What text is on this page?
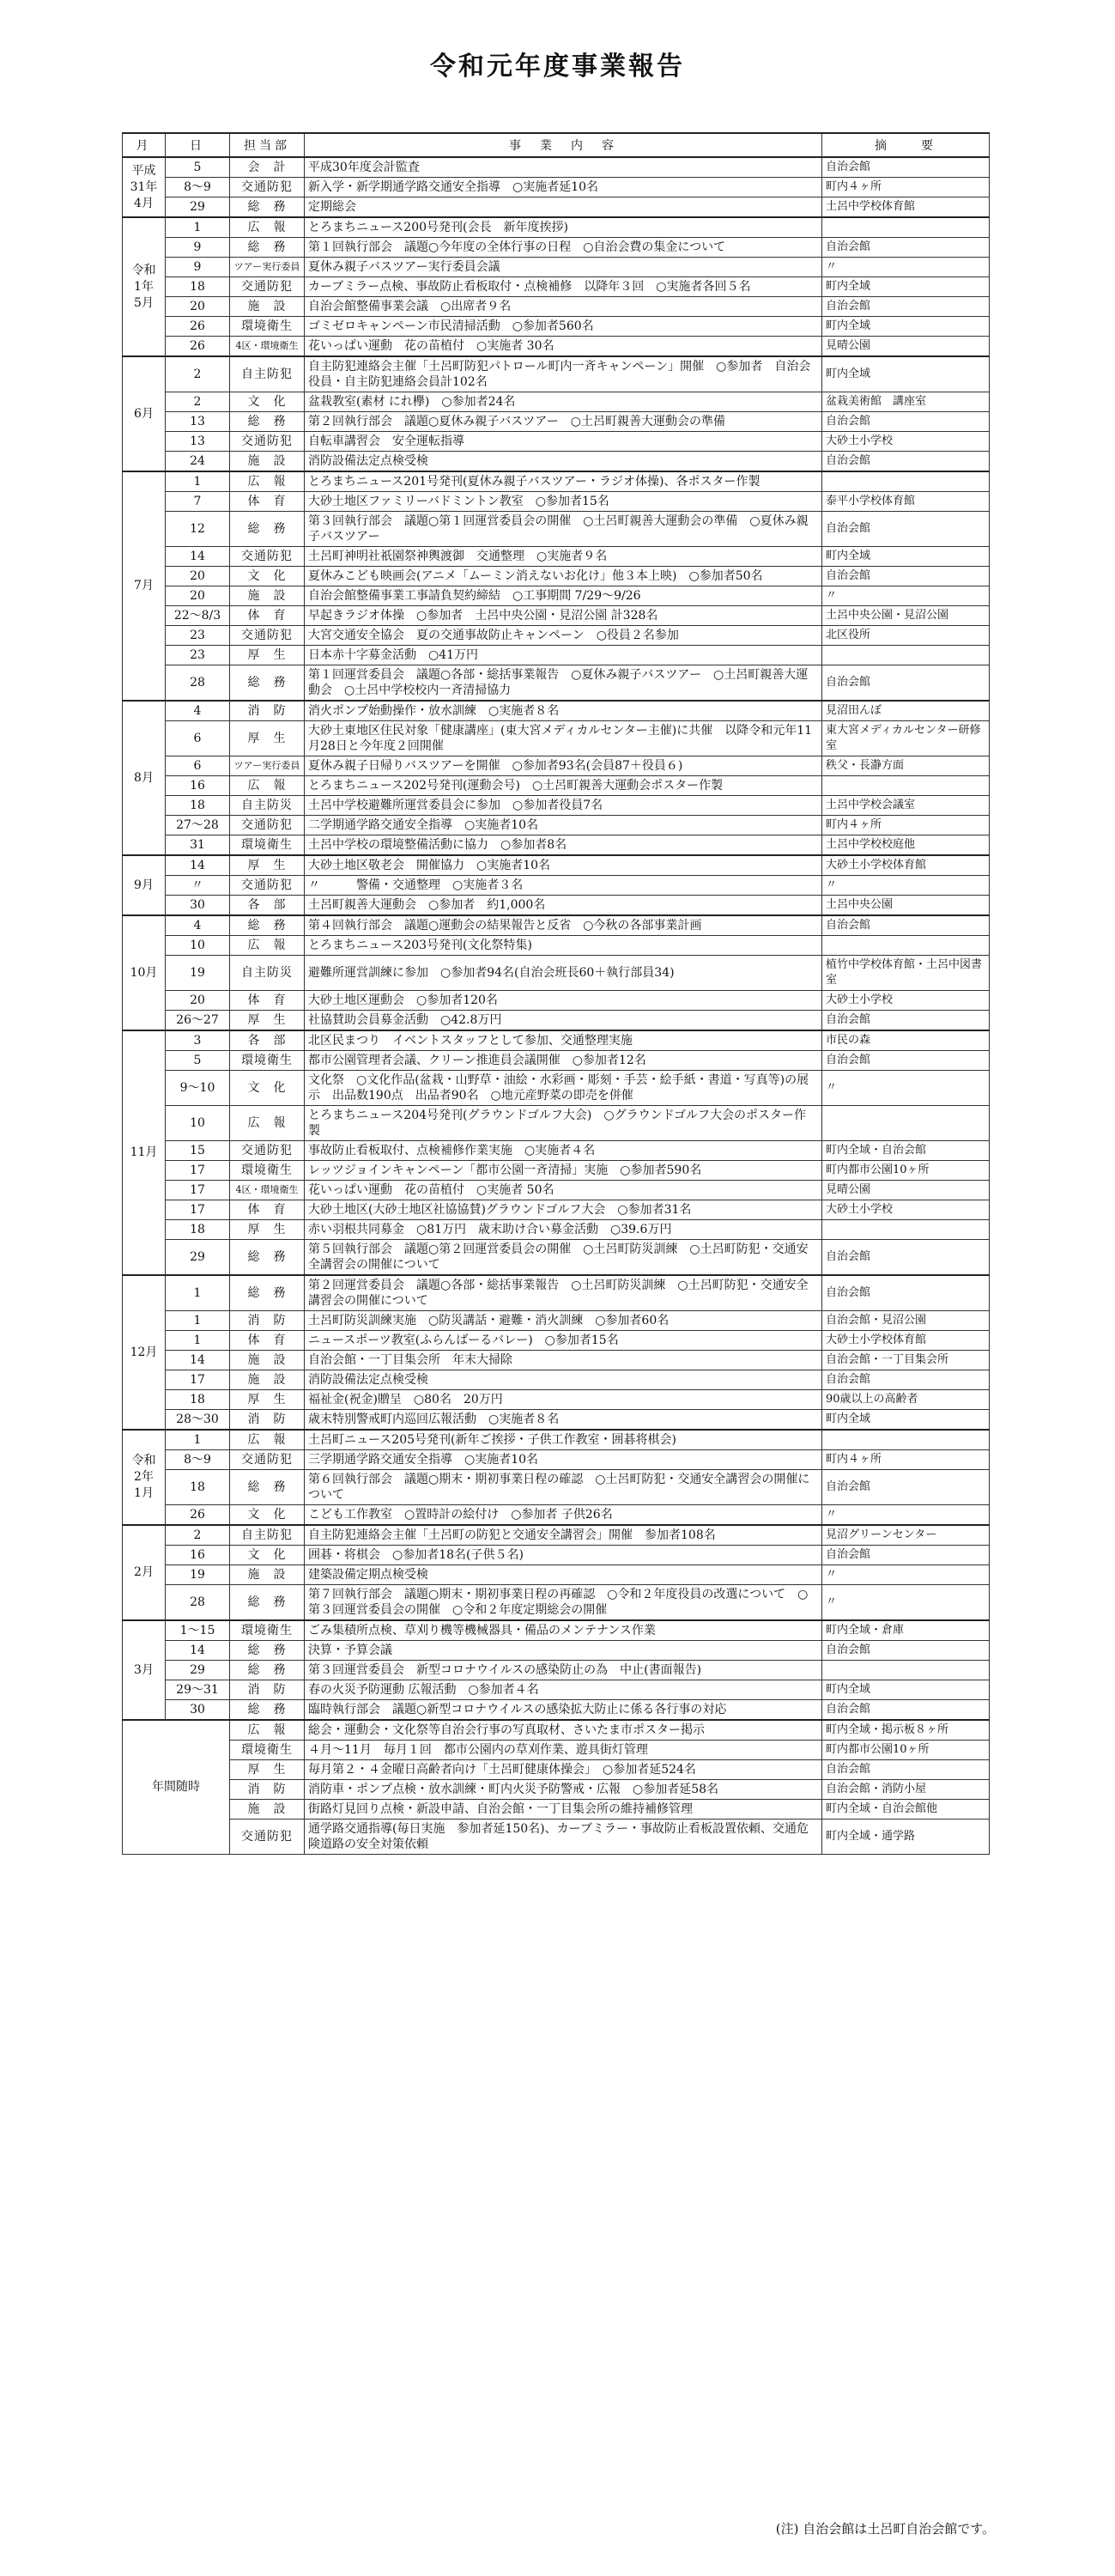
令和元年度事業報告
月	日	担当部	事　業　内　容	摘　　要
平成
31年
4月	5	会　計	平成30年度会計監査	自治会館
	8〜9	交通防犯	新入学・新学期通学路交通安全指導　○実施者延10名	町内４ヶ所
	29	総　務	定期総会	土呂中学校体育館
令和
1年
5月	1	広　報	とろまちニュース200号発刊(会長　新年度挨拶)	
	9	総　務	第１回執行部会　議題○今年度の全体行事の日程　○自治会費の集金について	自治会館
	9	ツアー実行委員	夏休み親子バスツアー実行委員会議	〃
	18	交通防犯	カーブミラー点検、事故防止看板取付・点検補修　以降年３回　○実施者各回５名	町内全域
	20	施　設	自治会館整備事業会議　○出席者９名	自治会館
	26	環境衛生	ゴミゼロキャンペーン市民清掃活動　○参加者560名	町内全域
	26	4区・環境衛生	花いっぱい運動　花の苗植付　○実施者 30名	見晴公園
6月	2	自主防犯	自主防犯連絡会主催「土呂町防犯パトロール町内一斉キャンペーン」開催　○参加者　自治会役員・自主防犯連絡会員計102名	町内全域
	2	文　化	盆栽教室(素材 にれ欅)　○参加者24名	盆栽美術館　講座室
	13	総　務	第２回執行部会　議題○夏休み親子バスツアー　○土呂町親善大運動会の準備	自治会館
	13	交通防犯	自転車講習会　安全運転指導	大砂土小学校
	24	施　設	消防設備法定点検受検	自治会館
7月	1	広　報	とろまちニュース201号発刊(夏休み親子バスツアー・ラジオ体操)、各ポスター作製	
	7	体　育	大砂土地区ファミリーバドミントン教室　○参加者15名	泰平小学校体育館
	12	総　務	第３回執行部会　議題○第１回運営委員会の開催　○土呂町親善大運動会の準備　○夏休み親子バスツアー	自治会館
	14	交通防犯	土呂町神明社祇園祭神輿渡御　交通整理　○実施者９名	町内全域
	20	文　化	夏休みこども映画会(アニメ「ムーミン消えないお化け」他３本上映)　○参加者50名	自治会館
	20	施　設	自治会館整備事業工事請負契約締結　○工事期間 7/29〜9/26	〃
	22〜8/3	体　育	早起きラジオ体操　○参加者　土呂中央公園・見沼公園 計328名	土呂中央公園・見沼公園
	23	交通防犯	大宮交通安全協会　夏の交通事故防止キャンペーン　○役員２名参加	北区役所
	23	厚　生	日本赤十字募金活動　○41万円	
	28	総　務	第１回運営委員会　議題○各部・総括事業報告　○夏休み親子バスツアー　○土呂町親善大運動会　○土呂中学校校内一斉清掃協力	自治会館
8月	4	消　防	消火ポンプ始動操作・放水訓練　○実施者８名	見沼田んぼ
	6	厚　生	大砂土東地区住民対象「健康講座」(東大宮メディカルセンター主催)に共催　以降令和元年11月28日と今年度２回開催	東大宮メディカルセンター研修室
	6	ツアー実行委員	夏休み親子日帰りバスツアーを開催　○参加者93名(会員87＋役員６)	秩父・長瀞方面
	16	広　報	とろまちニュース202号発刊(運動会号)　○土呂町親善大運動会ポスター作製	
	18	自主防災	土呂中学校避難所運営委員会に参加　○参加者役員7名	土呂中学校会議室
	27〜28	交通防犯	二学期通学路交通安全指導　○実施者10名	町内４ヶ所
	31	環境衛生	土呂中学校の環境整備活動に協力　○参加者8名	土呂中学校校庭他
9月	14	厚　生	大砂土地区敬老会　開催協力　○実施者10名	大砂土小学校体育館
	〃	交通防犯	〃　　　警備・交通整理　○実施者３名	〃
	30	各　部	土呂町親善大運動会　○参加者　約1,000名	土呂中央公園
10月	4	総　務	第４回執行部会　議題○運動会の結果報告と反省　○今秋の各部事業計画	自治会館
	10	広　報	とろまちニュース203号発刊(文化祭特集)	
	19	自主防災	避難所運営訓練に参加　○参加者94名(自治会班長60＋執行部員34)	植竹中学校体育館・土呂中図書室
	20	体　育	大砂土地区運動会　○参加者120名	大砂土小学校
	26〜27	厚　生	社協賛助会員募金活動　○42.8万円	自治会館
11月	3	各　部	北区民まつり　イベントスタッフとして参加、交通整理実施	市民の森
	5	環境衛生	都市公園管理者会議、クリーン推進員会議開催　○参加者12名	自治会館
	9〜10	文　化	文化祭　○文化作品(盆栽・山野草・油絵・水彩画・彫刻・手芸・絵手紙・書道・写真等)の展示　出品数190点　出品者90名　○地元産野菜の即売を併催	〃
	10	広　報	とろまちニュース204号発刊(グラウンドゴルフ大会)　○グラウンドゴルフ大会のポスター作製	
	15	交通防犯	事故防止看板取付、点検補修作業実施　○実施者４名	町内全域・自治会館
	17	環境衛生	レッツジョインキャンペーン「都市公園一斉清掃」実施　○参加者590名	町内都市公園10ヶ所
	17	4区・環境衛生	花いっぱい運動　花の苗植付　○実施者 50名	見晴公園
	17	体　育	大砂土地区(大砂土地区社協協賛)グラウンドゴルフ大会　○参加者31名	大砂土小学校
	18	厚　生	赤い羽根共同募金　○81万円　歳末助け合い募金活動　○39.6万円	
	29	総　務	第５回執行部会　議題○第２回運営委員会の開催　○土呂町防災訓練　○土呂町防犯・交通安全講習会の開催について	自治会館
12月	1	総　務	第２回運営委員会　議題○各部・総括事業報告　○土呂町防災訓練　○土呂町防犯・交通安全講習会の開催について	自治会館
	1	消　防	土呂町防災訓練実施　○防災講話・避難・消火訓練　○参加者60名	自治会館・見沼公園
	1	体　育	ニュースポーツ教室(ふらんばーるバレー)　○参加者15名	大砂土小学校体育館
	14	施　設	自治会館・一丁目集会所　年末大掃除	自治会館・一丁目集会所
	17	施　設	消防設備法定点検受検	自治会館
	18	厚　生	福祉金(祝金)贈呈　○80名　20万円	90歳以上の高齢者
	28〜30	消　防	歳末特別警戒町内巡回広報活動　○実施者８名	町内全域
令和
2年
1月	1	広　報	土呂町ニュース205号発刊(新年ご挨拶・子供工作教室・囲碁将棋会)	
	8〜9	交通防犯	三学期通学路交通安全指導　○実施者10名	町内４ヶ所
	18	総　務	第６回執行部会　議題○期末・期初事業日程の確認　○土呂町防犯・交通安全講習会の開催について	自治会館
	26	文　化	こども工作教室　○置時計の絵付け　○参加者 子供26名	〃
2月	2	自主防犯	自主防犯連絡会主催「土呂町の防犯と交通安全講習会」開催　参加者108名	見沼グリーンセンター
	16	文　化	囲碁・将棋会　○参加者18名(子供５名)	自治会館
	19	施　設	建築設備定期点検受検	〃
	28	総　務	第７回執行部会　議題○期末・期初事業日程の再確認　○令和２年度役員の改選について　○第３回運営委員会の開催　○令和２年度定期総会の開催	〃
3月	1〜15	環境衛生	ごみ集積所点検、草刈り機等機械器具・備品のメンテナンス作業	町内全域・倉庫
	14	総　務	決算・予算会議	自治会館
	29	総　務	第３回運営委員会　新型コロナウイルスの感染防止の為　中止(書面報告)	
	29〜31	消　防	春の火災予防運動 広報活動　○参加者４名	町内全域
	30	総　務	臨時執行部会　議題○新型コロナウイルスの感染拡大防止に係る各行事の対応	自治会館
年間随時		広　報	総会・運動会・文化祭等自治会行事の写真取材、さいたま市ポスター掲示	町内全域・掲示板８ヶ所
		環境衛生	４月〜11月　毎月１回　都市公園内の草刈作業、遊具街灯管理	町内都市公園10ヶ所
		厚　生	毎月第２・４金曜日高齢者向け「土呂町健康体操会」　○参加者延524名	自治会館
		消　防	消防車・ポンプ点検・放水訓練・町内火災予防警戒・広報　○参加者延58名	自治会館・消防小屋
		施　設	街路灯見回り点検・新設申請、自治会館・一丁目集会所の維持補修管理	町内全域・自治会館他
		交通防犯	通学路交通指導(毎日実施　参加者延150名)、カーブミラー・事故防止看板設置依頼、交通危険道路の安全対策依頼	町内全域・通学路
(注) 自治会館は土呂町自治会館です。
